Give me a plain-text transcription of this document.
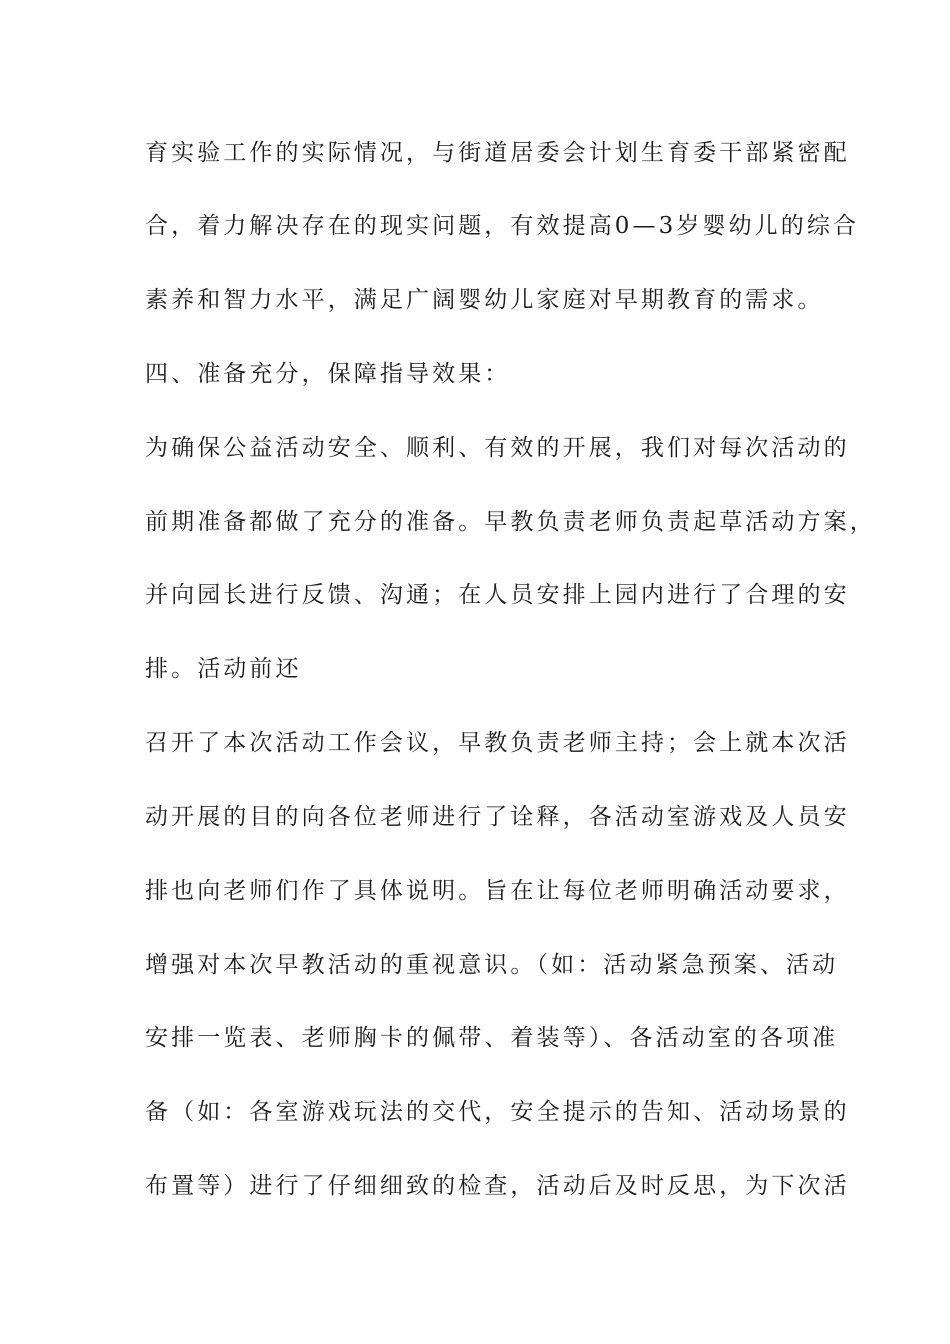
育实验工作的实际情况，与街道居委会计划生育委干部紧密配
合，着力解决存在的现实问题，有效提高0—3岁婴幼儿的综合
素养和智力水平，满足广阔婴幼儿家庭对早期教育的需求。
四、准备充分，保障指导效果：
为确保公益活动安全、顺利、有效的开展，我们对每次活动的
前期准备都做了充分的准备。早教负责老师负责起草活动方案，
并向园长进行反馈、沟通；在人员安排上园内进行了合理的安
排。活动前还
召开了本次活动工作会议，早教负责老师主持；会上就本次活
动开展的目的向各位老师进行了诠释，各活动室游戏及人员安
排也向老师们作了具体说明。旨在让每位老师明确活动要求，
增强对本次早教活动的重视意识。（如：活动紧急预案、活动
安排一览表、老师胸卡的佩带、着装等）、各活动室的各项准
备（如：各室游戏玩法的交代，安全提示的告知、活动场景的
布置等）进行了仔细细致的检查，活动后及时反思，为下次活
